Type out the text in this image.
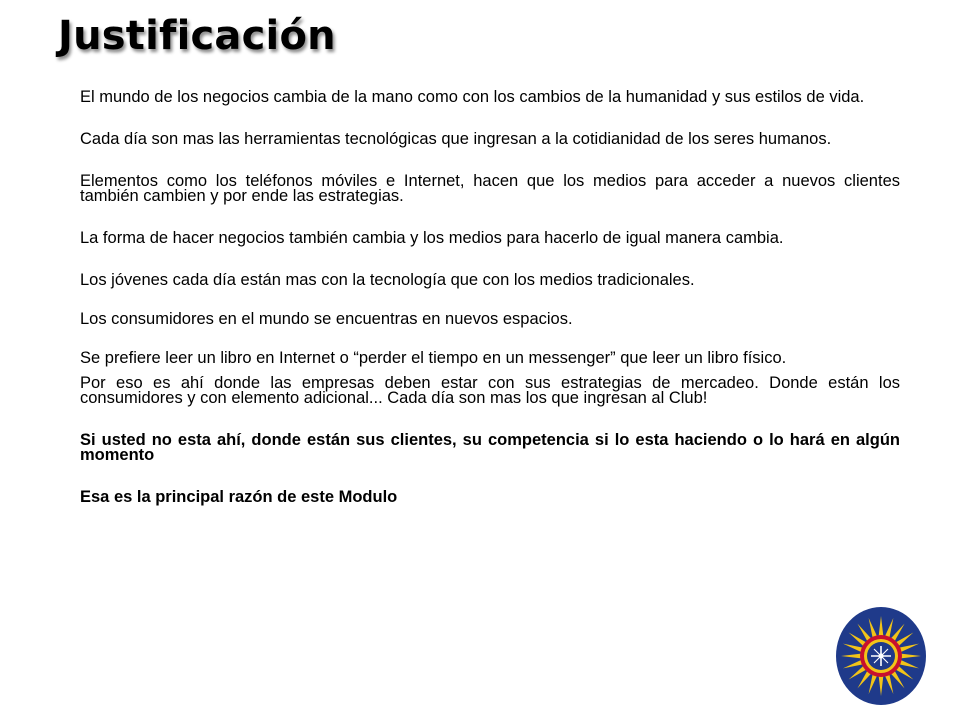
Justificación

El mundo de los negocios cambia de la mano como con los cambios de la humanidad y sus estilos de vida.

Cada día son mas las herramientas tecnológicas que ingresan a la cotidianidad de los seres humanos.

Elementos como los teléfonos móviles e Internet, hacen que los medios para acceder a nuevos clientes también cambien y por ende las estrategias.

La forma de hacer negocios también cambia y los medios para hacerlo de igual manera cambia.

Los jóvenes cada día están mas con la tecnología que con los medios tradicionales.

Los consumidores en el mundo se encuentras en nuevos espacios.

Se prefiere leer un libro en Internet o “perder el tiempo en un messenger” que leer un libro físico.

Por eso es ahí donde las empresas deben estar con sus estrategias de mercadeo. Donde están los consumidores y con elemento adicional... Cada día son mas los que ingresan al Club!

Si usted no esta ahí, donde están sus clientes, su competencia si lo esta haciendo o lo hará en algún momento

Esa es la principal razón de este Modulo
